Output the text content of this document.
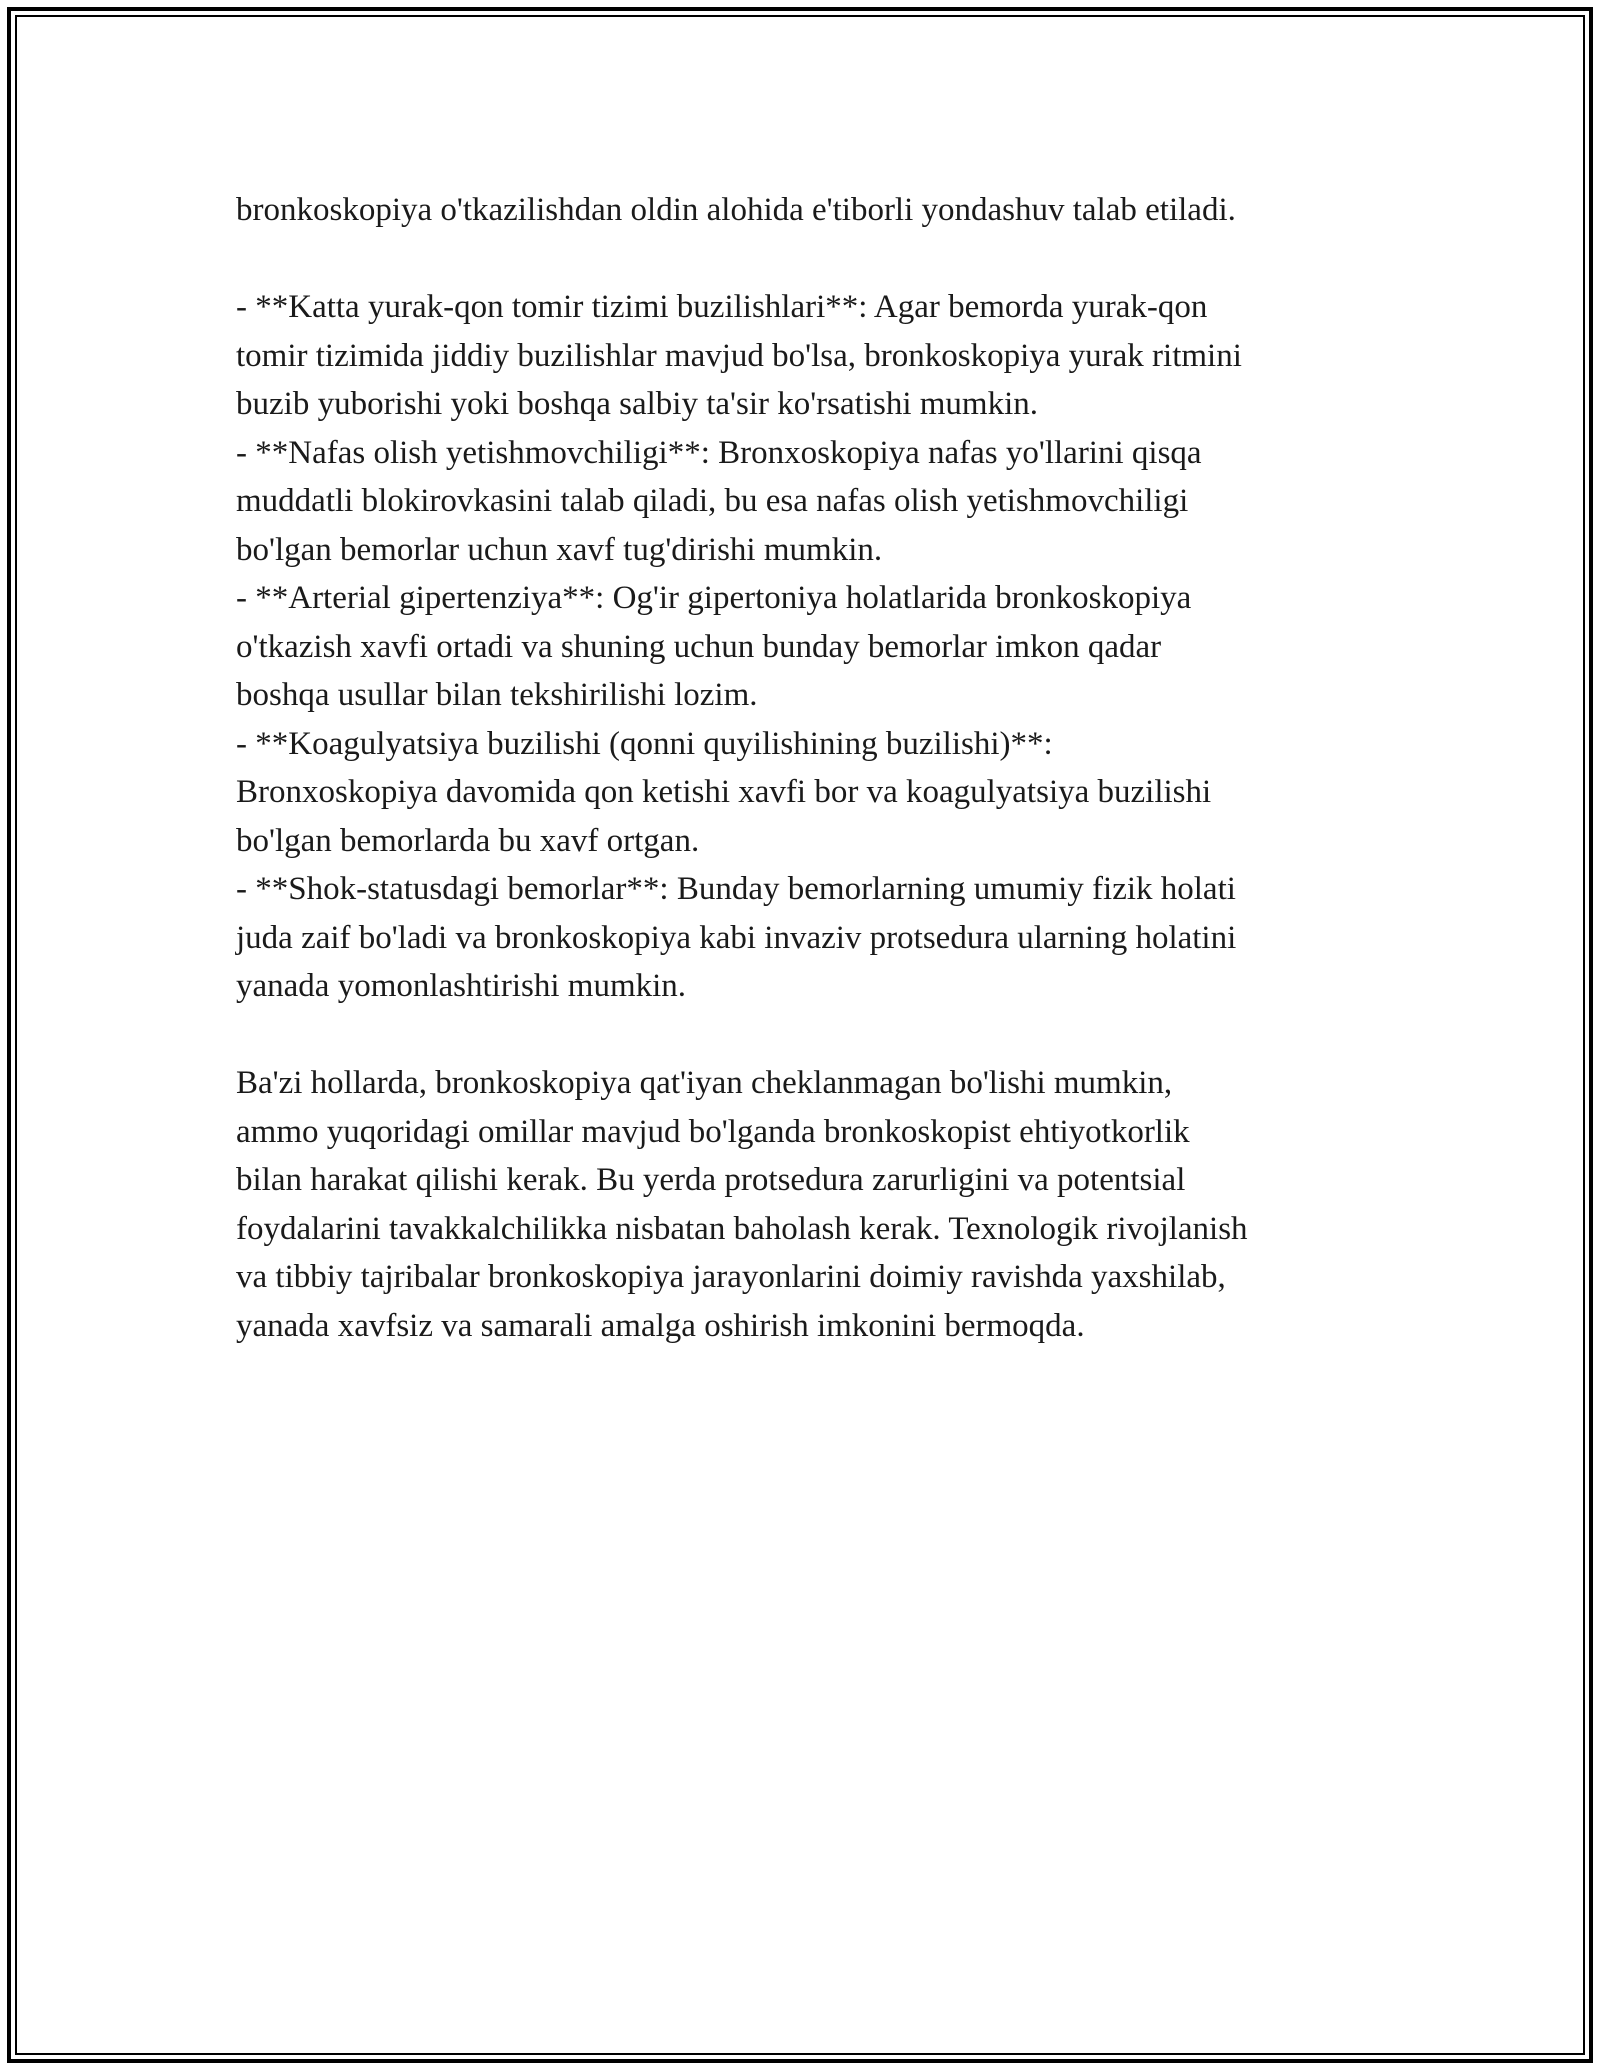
bronkoskopiya o'tkazilishdan oldin alohida e'tiborli yondashuv talab etiladi.
- **Katta yurak-qon tomir tizimi buzilishlari**: Agar bemorda yurak-qon
tomir tizimida jiddiy buzilishlar mavjud bo'lsa, bronkoskopiya yurak ritmini
buzib yuborishi yoki boshqa salbiy ta'sir ko'rsatishi mumkin.
- **Nafas olish yetishmovchiligi**: Bronxoskopiya nafas yo'llarini qisqa
muddatli blokirovkasini talab qiladi, bu esa nafas olish yetishmovchiligi
bo'lgan bemorlar uchun xavf tug'dirishi mumkin.
- **Arterial gipertenziya**: Og'ir gipertoniya holatlarida bronkoskopiya
o'tkazish xavfi ortadi va shuning uchun bunday bemorlar imkon qadar
boshqa usullar bilan tekshirilishi lozim.
- **Koagulyatsiya buzilishi (qonni quyilishining buzilishi)**:
Bronxoskopiya davomida qon ketishi xavfi bor va koagulyatsiya buzilishi
bo'lgan bemorlarda bu xavf ortgan.
- **Shok-statusdagi bemorlar**: Bunday bemorlarning umumiy fizik holati
juda zaif bo'ladi va bronkoskopiya kabi invaziv protsedura ularning holatini
yanada yomonlashtirishi mumkin.
Ba'zi hollarda, bronkoskopiya qat'iyan cheklanmagan bo'lishi mumkin,
ammo yuqoridagi omillar mavjud bo'lganda bronkoskopist ehtiyotkorlik
bilan harakat qilishi kerak. Bu yerda protsedura zarurligini va potentsial
foydalarini tavakkalchilikka nisbatan baholash kerak. Texnologik rivojlanish
va tibbiy tajribalar bronkoskopiya jarayonlarini doimiy ravishda yaxshilab,
yanada xavfsiz va samarali amalga oshirish imkonini bermoqda.
